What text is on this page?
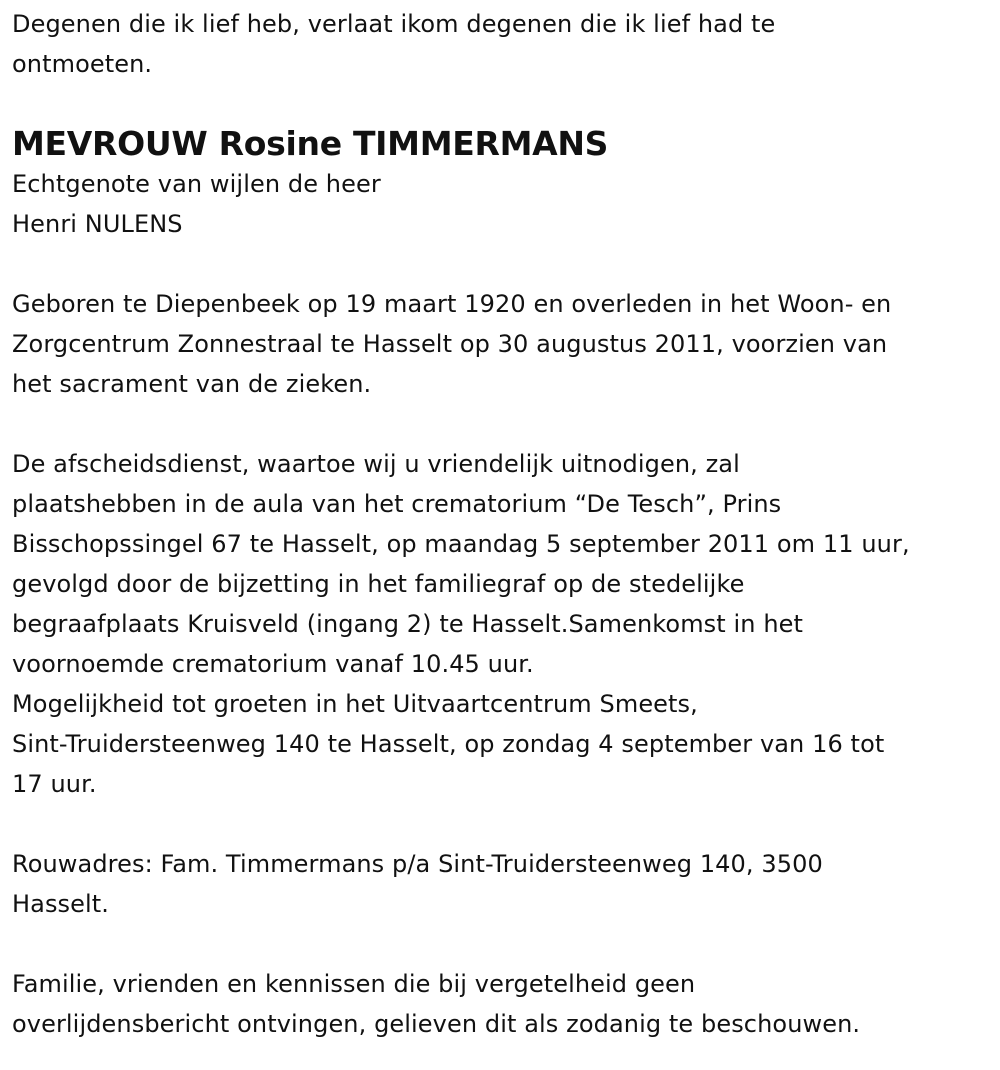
Degenen die ik lief heb, verlaat ikom degenen die ik lief had te
ontmoeten.
MEVROUW Rosine TIMMERMANS
Echtgenote van wijlen de heer
Henri NULENS
Geboren te Diepenbeek op 19 maart 1920 en overleden in het Woon- en
Zorgcentrum Zonnestraal te Hasselt op 30 augustus 2011, voorzien van
het sacrament van de zieken.
De afscheidsdienst, waartoe wij u vriendelijk uitnodigen, zal
plaatshebben in de aula van het crematorium “De Tesch”, Prins
Bisschopssingel 67 te Hasselt, op maandag 5 september 2011 om 11 uur,
gevolgd door de bijzetting in het familiegraf op de stedelijke
begraafplaats Kruisveld (ingang 2) te Hasselt.Samenkomst in het
voornoemde crematorium vanaf 10.45 uur.
Mogelijkheid tot groeten in het Uitvaartcentrum Smeets,
Sint-Truidersteenweg 140 te Hasselt, op zondag 4 september van 16 tot
17 uur.
Rouwadres: Fam. Timmermans p/a Sint-Truidersteenweg 140, 3500
Hasselt.
Familie, vrienden en kennissen die bij vergetelheid geen
overlijdensbericht ontvingen, gelieven dit als zodanig te beschouwen.
